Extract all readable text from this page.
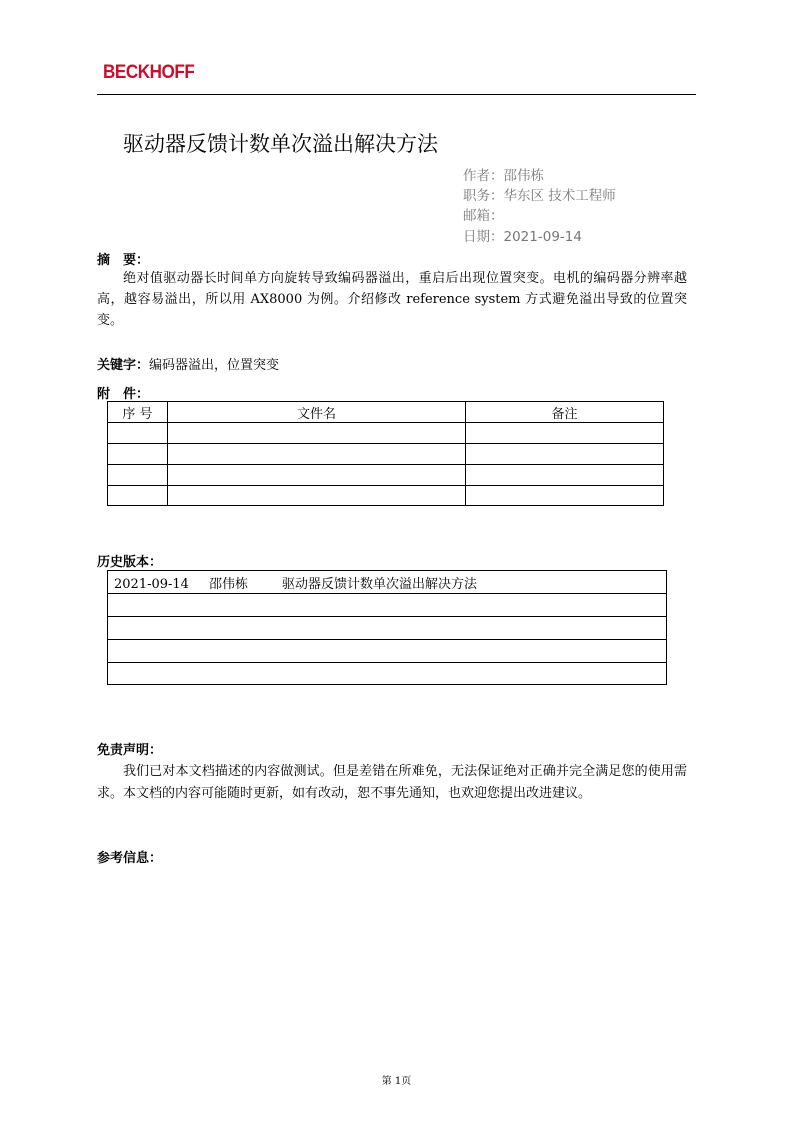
BECKHOFF
驱动器反馈计数单次溢出解决方法
作者：邵伟栋
职务：华东区 技术工程师
邮箱：
日期：2021-09-14
摘　要：
绝对值驱动器长时间单方向旋转导致编码器溢出，重启后出现位置突变。电机的编码器分辨率越高，越容易溢出，所以用 AX8000 为例。介绍修改 reference system 方式避免溢出导致的位置突变。
关键字：编码器溢出，位置突变
附　件：
序 号	文件名	备注

历史版本：
2021-09-14 邵伟栋	驱动器反馈计数单次溢出解决方法

免责声明：
我们已对本文档描述的内容做测试。但是差错在所难免，无法保证绝对正确并完全满足您的使用需求。本文档的内容可能随时更新，如有改动，恕不事先通知，也欢迎您提出改进建议。
参考信息：
第 1页
